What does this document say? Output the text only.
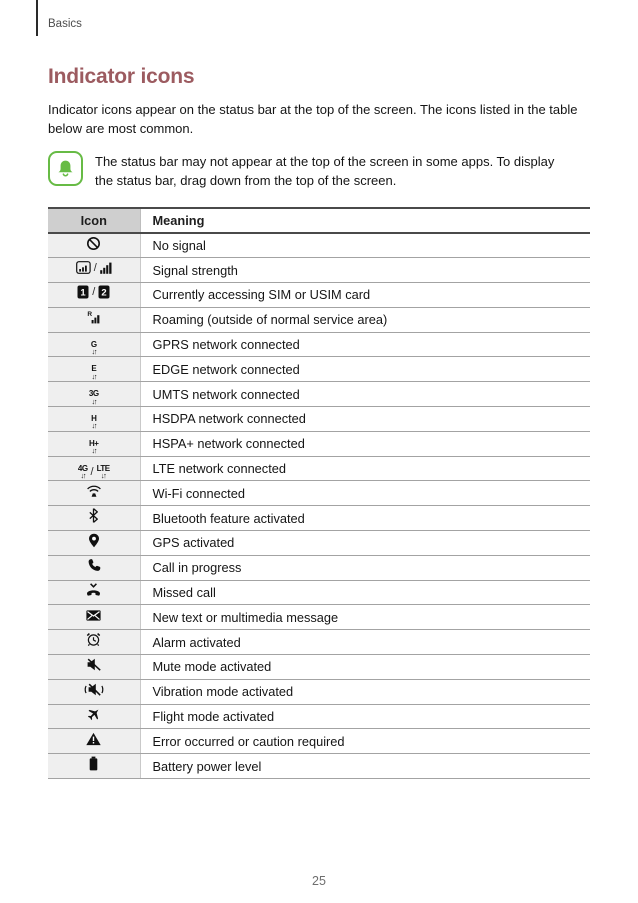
Basics
Indicator icons

Indicator icons appear on the status bar at the top of the screen. The icons listed in the table below are most common.

The status bar may not appear at the top of the screen in some apps. To display the status bar, drag down from the top of the screen.
Icon	Meaning

	No signal

/	Signal strength

1 / 2	Currently accessing SIM or USIM card

R	Roaming (outside of normal service area)

G
↓↑	GPRS network connected

E
↓↑	EDGE network connected

3G
↓↑	UMTS network connected

H
↓↑	HSDPA network connected

H+
↓↑	HSPA+ network connected

4G
↓↑ / LTE
↓↑	LTE network connected

	Wi-Fi connected

	Bluetooth feature activated

	GPS activated

	Call in progress

	Missed call

	New text or multimedia message

	Alarm activated

	Mute mode activated

	Vibration mode activated

	Flight mode activated

	Error occurred or caution required

	Battery power level
25
